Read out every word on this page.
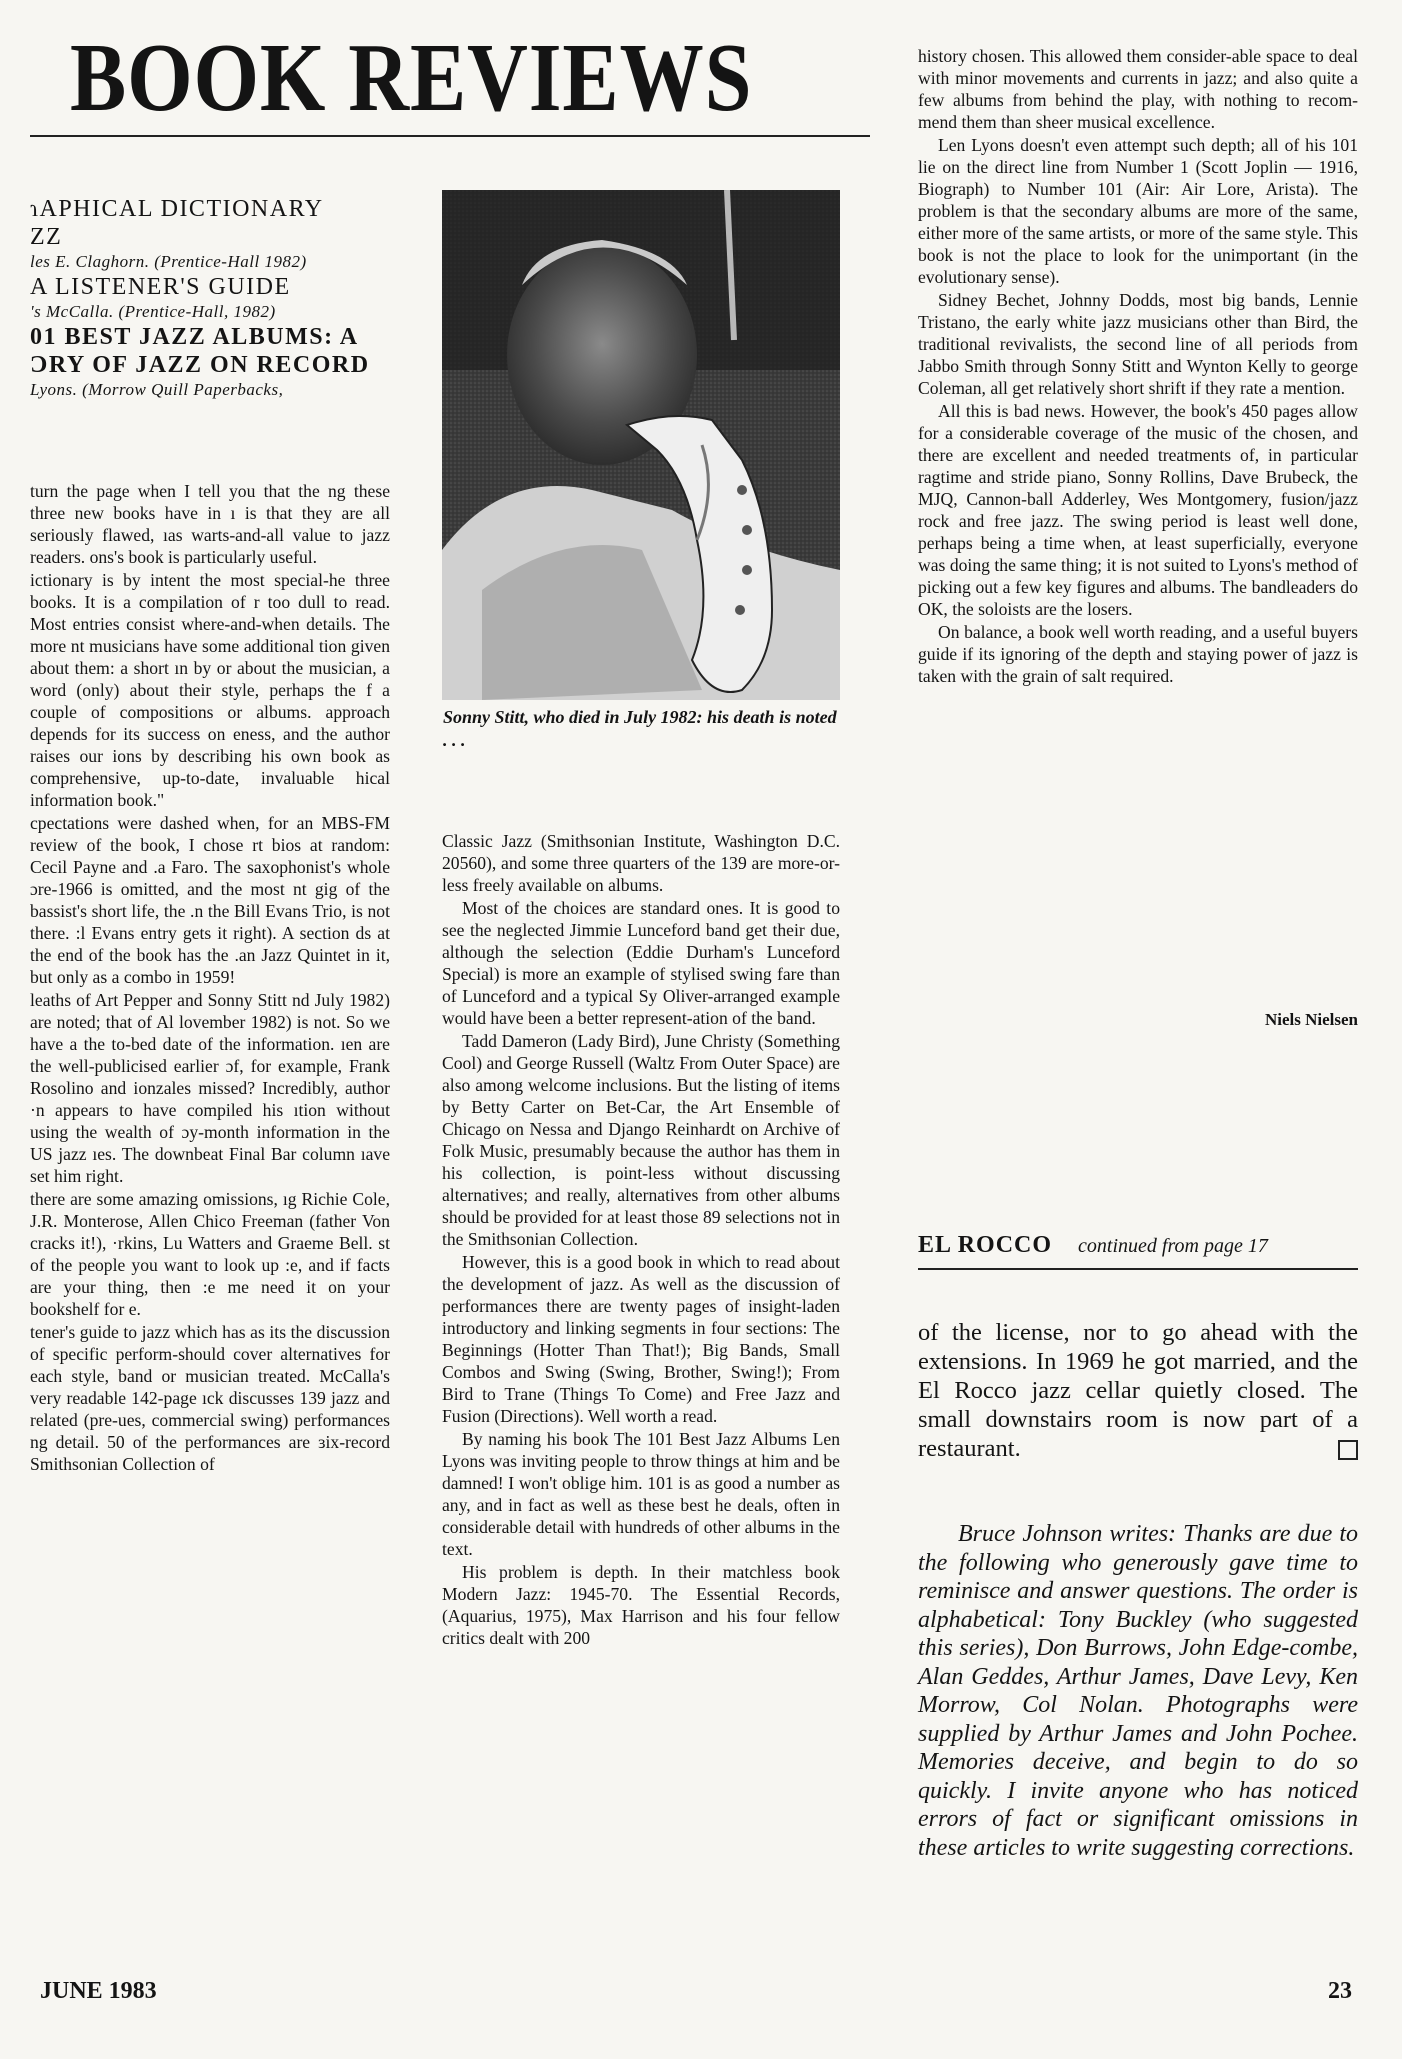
BOOK REVIEWS
ɿAPHICAL DICTIONARY
ZZ
les E. Claghorn. (Prentice-Hall 1982)
A LISTENER'S GUIDE
's McCalla. (Prentice-Hall, 1982)
01 BEST JAZZ ALBUMS: A
ƆRY OF JAZZ ON RECORD
Lyons. (Morrow Quill Paperbacks,

turn the page when I tell you that the ng these three new books have in ı is that they are all seriously flawed, ıas warts-and-all value to jazz readers. ons's book is particularly useful.

ictionary is by intent the most special-he three books. It is a compilation of r too dull to read. Most entries consist where-and-when details. The more nt musicians have some additional tion given about them: a short ın by or about the musician, a word (only) about their style, perhaps the f a couple of compositions or albums. approach depends for its success on eness, and the author raises our ions by describing his own book as comprehensive, up-to-date, invaluable hical information book."

cpectations were dashed when, for an MBS-FM review of the book, I chose rt bios at random: Cecil Payne and .a Faro. The saxophonist's whole ɔre-1966 is omitted, and the most nt gig of the bassist's short life, the .n the Bill Evans Trio, is not there. :l Evans entry gets it right). A section ds at the end of the book has the .an Jazz Quintet in it, but only as a combo in 1959!

leaths of Art Pepper and Sonny Stitt nd July 1982) are noted; that of Al lovember 1982) is not. So we have a the to-bed date of the information. ıen are the well-publicised earlier ɔf, for example, Frank Rosolino and ionzales missed? Incredibly, author ·n appears to have compiled his ıtion without using the wealth of ɔy-month information in the US jazz ıes. The downbeat Final Bar column ıave set him right.

there are some amazing omissions, ıg Richie Cole, J.R. Monterose, Allen Chico Freeman (father Von cracks it!), ·rkins, Lu Watters and Graeme Bell. st of the people you want to look up :e, and if facts are your thing, then :e me need it on your bookshelf for e.

tener's guide to jazz which has as its the discussion of specific perform-should cover alternatives for each style, band or musician treated. McCalla's very readable 142-page ıck discusses 139 jazz and related (pre-ues, commercial swing) performances ng detail. 50 of the performances are ɜix-record Smithsonian Collection of

Sonny Stitt, who died in July 1982: his death is noted . . .

Classic Jazz (Smithsonian Institute, Washington D.C. 20560), and some three quarters of the 139 are more-or-less freely available on albums.

Most of the choices are standard ones. It is good to see the neglected Jimmie Lunceford band get their due, although the selection (Eddie Durham's Lunceford Special) is more an example of stylised swing fare than of Lunceford and a typical Sy Oliver-arranged example would have been a better represent-ation of the band.

Tadd Dameron (Lady Bird), June Christy (Something Cool) and George Russell (Waltz From Outer Space) are also among welcome inclusions. But the listing of items by Betty Carter on Bet-Car, the Art Ensemble of Chicago on Nessa and Django Reinhardt on Archive of Folk Music, presumably because the author has them in his collection, is point-less without discussing alternatives; and really, alternatives from other albums should be provided for at least those 89 selections not in the Smithsonian Collection.

However, this is a good book in which to read about the development of jazz. As well as the discussion of performances there are twenty pages of insight-laden introductory and linking segments in four sections: The Beginnings (Hotter Than That!); Big Bands, Small Combos and Swing (Swing, Brother, Swing!); From Bird to Trane (Things To Come) and Free Jazz and Fusion (Directions). Well worth a read.

By naming his book The 101 Best Jazz Albums Len Lyons was inviting people to throw things at him and be damned! I won't oblige him. 101 is as good a number as any, and in fact as well as these best he deals, often in considerable detail with hundreds of other albums in the text.

His problem is depth. In their matchless book Modern Jazz: 1945-70. The Essential Records, (Aquarius, 1975), Max Harrison and his four fellow critics dealt with 200

history chosen. This allowed them consider-able space to deal with minor movements and currents in jazz; and also quite a few albums from behind the play, with nothing to recom-mend them than sheer musical excellence.

Len Lyons doesn't even attempt such depth; all of his 101 lie on the direct line from Number 1 (Scott Joplin — 1916, Biograph) to Number 101 (Air: Air Lore, Arista). The problem is that the secondary albums are more of the same, either more of the same artists, or more of the same style. This book is not the place to look for the unimportant (in the evolutionary sense).

Sidney Bechet, Johnny Dodds, most big bands, Lennie Tristano, the early white jazz musicians other than Bird, the traditional revivalists, the second line of all periods from Jabbo Smith through Sonny Stitt and Wynton Kelly to george Coleman, all get relatively short shrift if they rate a mention.

All this is bad news. However, the book's 450 pages allow for a considerable coverage of the music of the chosen, and there are excellent and needed treatments of, in particular ragtime and stride piano, Sonny Rollins, Dave Brubeck, the MJQ, Cannon-ball Adderley, Wes Montgomery, fusion/jazz rock and free jazz. The swing period is least well done, perhaps being a time when, at least superficially, everyone was doing the same thing; it is not suited to Lyons's method of picking out a few key figures and albums. The bandleaders do OK, the soloists are the losers.

On balance, a book well worth reading, and a useful buyers guide if its ignoring of the depth and staying power of jazz is taken with the grain of salt required.

Niels Nielsen
EL ROCCO continued from page 17
of the license, nor to go ahead with the extensions. In 1969 he got married, and the El Rocco jazz cellar quietly closed. The small downstairs room is now part of a restaurant.
Bruce Johnson writes: Thanks are due to the following who generously gave time to reminisce and answer questions. The order is alphabetical: Tony Buckley (who suggested this series), Don Burrows, John Edge-combe, Alan Geddes, Arthur James, Dave Levy, Ken Morrow, Col Nolan. Photographs were supplied by Arthur James and John Pochee. Memories deceive, and begin to do so quickly. I invite anyone who has noticed errors of fact or significant omissions in these articles to write suggesting corrections.
JUNE 1983	23
